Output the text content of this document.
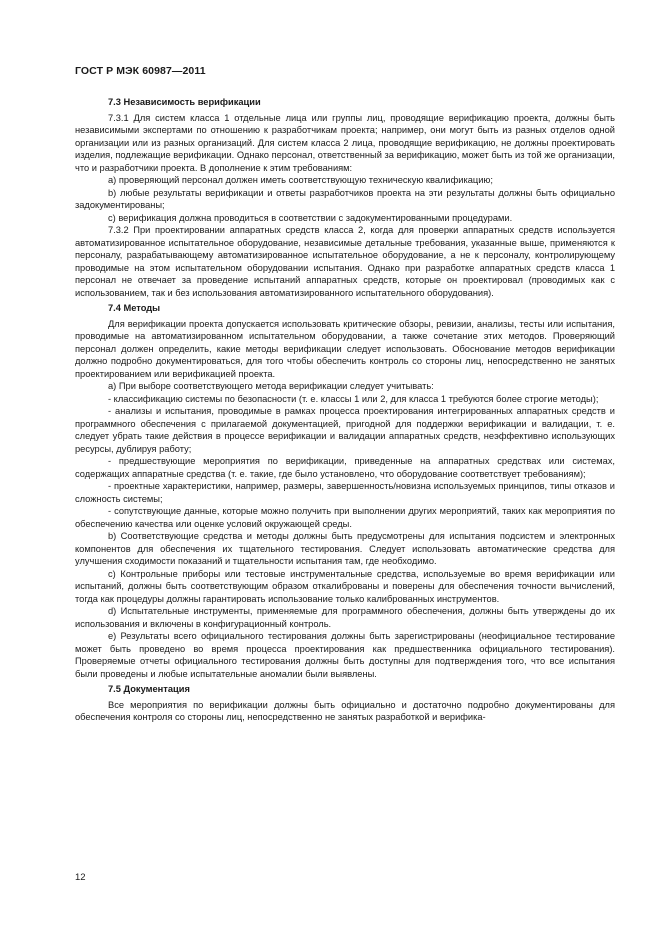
ГОСТ Р МЭК 60987—2011
7.3 Независимость верификации

7.3.1 Для систем класса 1 отдельные лица или группы лиц, проводящие верификацию проекта, должны быть независимыми экспертами по отношению к разработчикам проекта; например, они могут быть из разных отделов одной организации или из разных организаций. Для систем класса 2 лица, проводящие верификацию, не должны проектировать изделия, подлежащие верификации. Однако персонал, ответственный за верификацию, может быть из той же организации, что и разработчики проекта. В дополнение к этим требованиям:

a) проверяющий персонал должен иметь соответствующую техническую квалификацию;

b) любые результаты верификации и ответы разработчиков проекта на эти результаты должны быть официально задокументированы;

c) верификация должна проводиться в соответствии с задокументированными процедурами.

7.3.2 При проектировании аппаратных средств класса 2, когда для проверки аппаратных средств используется автоматизированное испытательное оборудование, независимые детальные требования, указанные выше, применяются к персоналу, разрабатывающему автоматизированное испытательное оборудование, а не к персоналу, контролирующему проводимые на этом испытательном оборудовании испытания. Однако при разработке аппаратных средств класса 1 персонал не отвечает за проведение испытаний аппаратных средств, которые он проектировал (проводимых как с использованием, так и без использования автоматизированного испытательного оборудования).

7.4 Методы

Для верификации проекта допускается использовать критические обзоры, ревизии, анализы, тесты или испытания, проводимые на автоматизированном испытательном оборудовании, а также сочетание этих методов. Проверяющий персонал должен определить, какие методы верификации следует использовать. Обоснование методов верификации должно подробно документироваться, для того чтобы обеспечить контроль со стороны лиц, непосредственно не занятых проектированием или верификацией проекта.

a) При выборе соответствующего метода верификации следует учитывать:

- классификацию системы по безопасности (т. е. классы 1 или 2, для класса 1 требуются более строгие методы);

- анализы и испытания, проводимые в рамках процесса проектирования интегрированных аппаратных средств и программного обеспечения с прилагаемой документацией, пригодной для поддержки верификации и валидации, т. е. следует убрать такие действия в процессе верификации и валидации аппаратных средств, неэффективно использующих ресурсы, дублируя работу;

- предшествующие мероприятия по верификации, приведенные на аппаратных средствах или системах, содержащих аппаратные средства (т. е. такие, где было установлено, что оборудование соответствует требованиям);

- проектные характеристики, например, размеры, завершенность/новизна используемых принципов, типы отказов и сложность системы;

- сопутствующие данные, которые можно получить при выполнении других мероприятий, таких как мероприятия по обеспечению качества или оценке условий окружающей среды.

b) Соответствующие средства и методы должны быть предусмотрены для испытания подсистем и электронных компонентов для обеспечения их тщательного тестирования. Следует использовать автоматические средства для улучшения сходимости показаний и тщательности испытания там, где необходимо.

c) Контрольные приборы или тестовые инструментальные средства, используемые во время верификации или испытаний, должны быть соответствующим образом откалиброваны и поверены для обеспечения точности вычислений, тогда как процедуры должны гарантировать использование только калиброванных инструментов.

d) Испытательные инструменты, применяемые для программного обеспечения, должны быть утверждены до их использования и включены в конфигурационный контроль.

e) Результаты всего официального тестирования должны быть зарегистрированы (неофициальное тестирование может быть проведено во время процесса проектирования как предшественника официального тестирования). Проверяемые отчеты официального тестирования должны быть доступны для подтверждения того, что все испытания были проведены и любые испытательные аномалии были выявлены.

7.5 Документация

Все мероприятия по верификации должны быть официально и достаточно подробно документированы для обеспечения контроля со стороны лиц, непосредственно не занятых разработкой и верифика-

12
